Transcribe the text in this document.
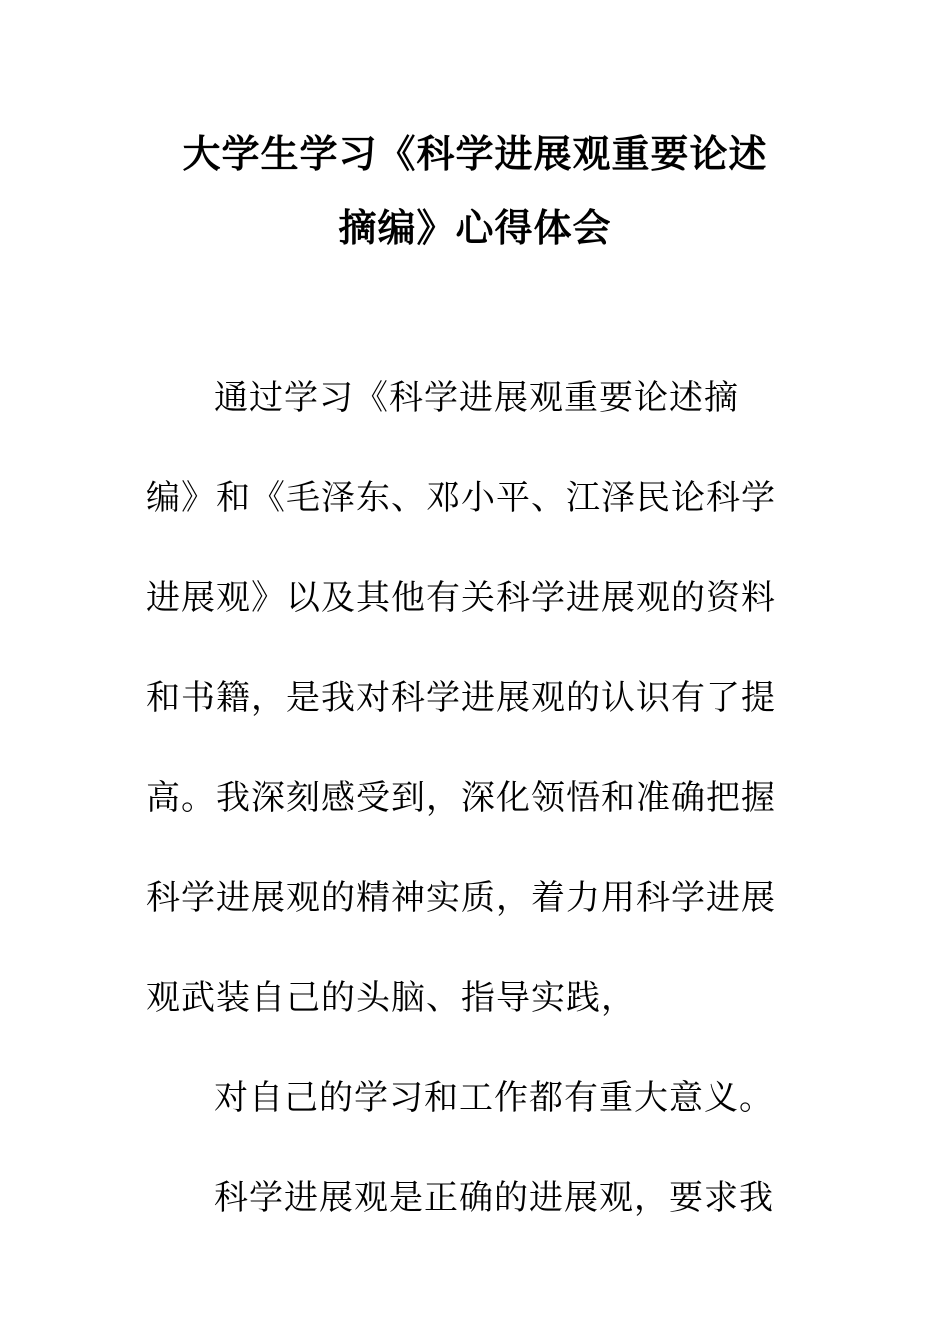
大学生学习《科学进展观重要论述
摘编》心得体会
通过学习《科学进展观重要论述摘
编》和《毛泽东、邓小平、江泽民论科学
进展观》以及其他有关科学进展观的资料
和书籍，是我对科学进展观的认识有了提
高。我深刻感受到，深化领悟和准确把握
科学进展观的精神实质，着力用科学进展
观武装自己的头脑、指导实践，
对自己的学习和工作都有重大意义。
科学进展观是正确的进展观，要求我
